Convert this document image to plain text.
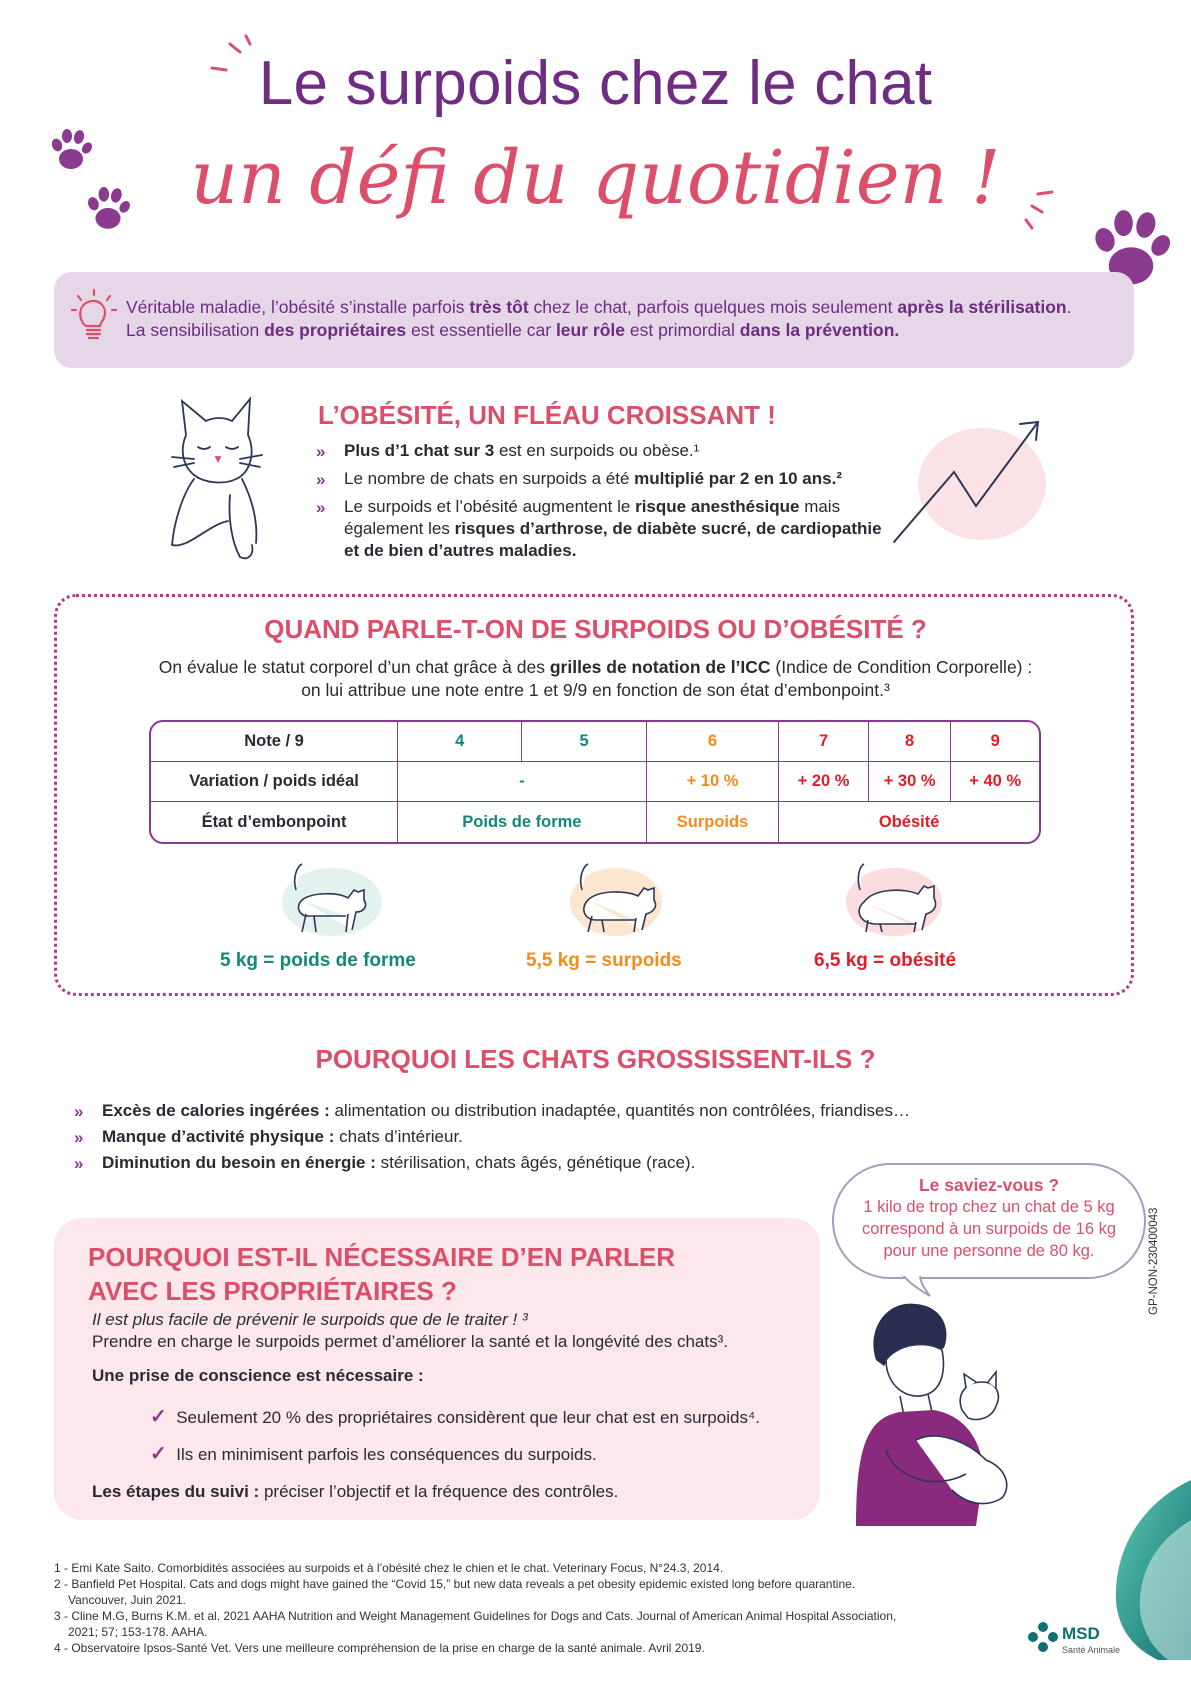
Le surpoids chez le chat
un défi du quotidien !
Véritable maladie, l’obésité s’installe parfois très tôt chez le chat, parfois quelques mois seulement après la stérilisation.
La sensibilisation des propriétaires est essentielle car leur rôle est primordial dans la prévention.
L’OBÉSITÉ, UN FLÉAU CROISSANT !
» Plus d’1 chat sur 3 est en surpoids ou obèse.¹
» Le nombre de chats en surpoids a été multiplié par 2 en 10 ans.²
» Le surpoids et l’obésité augmentent le risque anesthésique mais également les risques d’arthrose, de diabète sucré, de cardiopathie et de bien d’autres maladies.
QUAND PARLE-T-ON DE SURPOIDS OU D’OBÉSITÉ ?
On évalue le statut corporel d’un chat grâce à des grilles de notation de l’ICC (Indice de Condition Corporelle) :
on lui attribue une note entre 1 et 9/9 en fonction de son état d’embonpoint.³
Note / 9	4	5	6	7	8	9
Variation / poids idéal	-		+ 10 %	+ 20 %	+ 30 %	+ 40 %
État d’embonpoint	Poids de forme		Surpoids	Obésité		
5 kg = poids de forme	5,5 kg = surpoids	6,5 kg = obésité
POURQUOI LES CHATS GROSSISSENT-ILS ?
» Excès de calories ingérées : alimentation ou distribution inadaptée, quantités non contrôlées, friandises…
» Manque d’activité physique : chats d’intérieur.
» Diminution du besoin en énergie : stérilisation, chats âgés, génétique (race).
POURQUOI EST-IL NÉCESSAIRE D’EN PARLER
AVEC LES PROPRIÉTAIRES ?
Il est plus facile de prévenir le surpoids que de le traiter ! ³
Prendre en charge le surpoids permet d’améliorer la santé et la longévité des chats³.
Une prise de conscience est nécessaire :
✓ Seulement 20 % des propriétaires considèrent que leur chat est en surpoids⁴.
✓ Ils en minimisent parfois les conséquences du surpoids.
Les étapes du suivi : préciser l’objectif et la fréquence des contrôles.
Le saviez-vous ?
1 kilo de trop chez un chat de 5 kg
correspond à un surpoids de 16 kg
pour une personne de 80 kg.	GP-NON-230400043

1 - Emi Kate Saito. Comorbidités associées au surpoids et à l’obésité chez le chien et le chat. Veterinary Focus, N°24.3, 2014.

2 - Banfield Pet Hospital. Cats and dogs might have gained the “Covid 15,” but new data reveals a pet obesity epidemic existed long before quarantine. Vancouver, Juin 2021.

3 - Cline M.G, Burns K.M. et al. 2021 AAHA Nutrition and Weight Management Guidelines for Dogs and Cats. Journal of American Animal Hospital Association, 2021; 57; 153-178. AAHA.

4 - Observatoire Ipsos-Santé Vet. Vers une meilleure compréhension de la prise en charge de la santé animale. Avril 2019.

MSD
Santé Animale
